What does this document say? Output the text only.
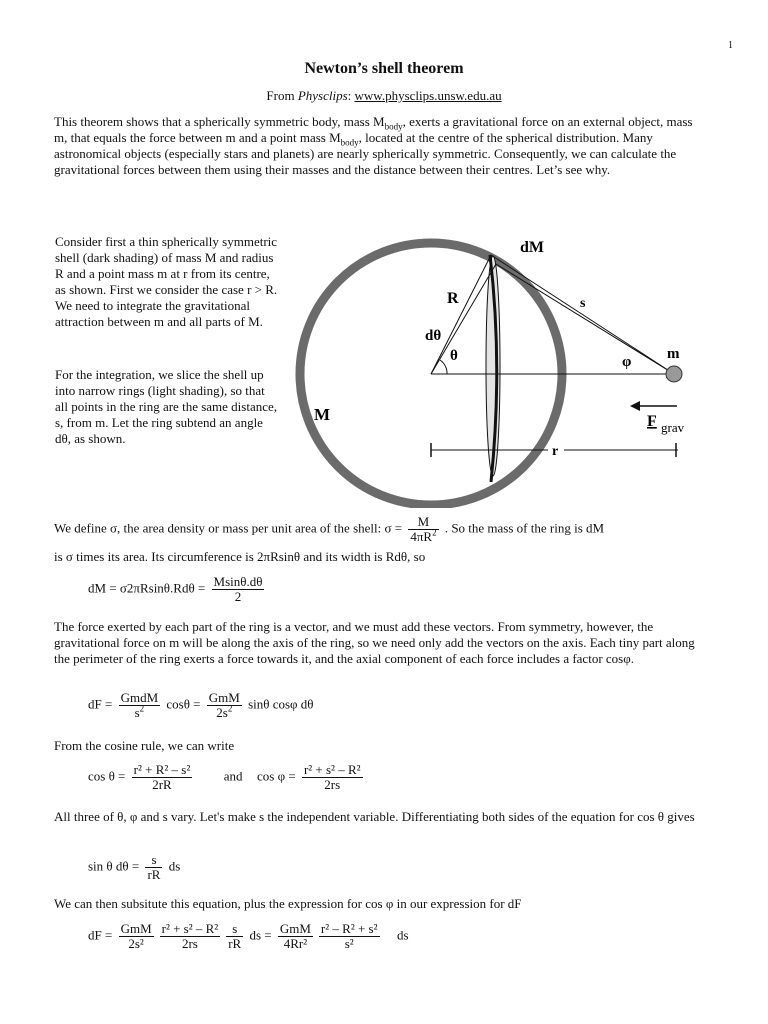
1
Newton’s shell theorem
From Physclips: www.physclips.unsw.edu.au
This theorem shows that a spherically symmetric body, mass $M_{body}$, exerts a gravitational force on an external object, mass m, that equals the force between m and a point mass $M_{body}$, located at the centre of the spherical distribution. Many astronomical objects (especially stars and planets) are nearly spherically symmetric. Consequently, we can calculate the gravitational forces between them using their masses and the distance between their centres. Let’s see why.
Consider first a thin spherically symmetric shell (dark shading) of mass M and radius R and a point mass m at r from its centre, as shown. First we consider the case r > R. We need to integrate the gravitational attraction between m and all parts of M.
For the integration, we slice the shell up into narrow rings (light shading), so that all points in the ring are the same distance, s, from m. Let the ring subtend an angle dθ, as shown.
dM
R	s
dθ
θ	φ m
M	F grav
r
We define σ, the area density or mass per unit area of the shell: $\sigma = \frac{M}{4\pi R^2}$ . So the mass of the ring is dM
is σ times its area. Its circumference is 2πRsinθ and its width is Rdθ, so
dM = $\sigma 2\pi Rsin\theta.Rd\theta = \frac{Msin\theta.d\theta}{2}$
The force exerted by each part of the ring is a vector, and we must add these vectors. From symmetry, however, the gravitational force on m will be along the axis of the ring, so we need only add the vectors on the axis. Each tiny part along the perimeter of the ring exerts a force towards it, and the axial component of each force includes a factor cosφ.
dF = $\frac{\text{GmdM}}{s^2}$ $\cos\theta = \frac{\text{GmM}}{2s^2}$ sinθ cosφ dθ
From the cosine rule, we can write
$\cos \theta = \frac{\text{r² + R² – s²}}{2rR}$ and $\cos \varphi = \frac{\text{r² + s² – R²}}{2rs}$
All three of θ, φ and s vary. Let's make s the independent variable. Differentiating both sides of the equation for cos θ gives
sin θ $d\theta = \frac{s}{rR}$ ds
We can then subsitute this equation, plus the expression for cos φ in our expression for dF
dF = $\frac{\text{GmM}}{\text{2s²}} \frac{\text{r² + s² – R²}}{2rs} \frac{s}{rR}$ ds = $\frac{\text{GmM}}{\text{4Rr²}} \frac{\text{r² – R² + s²}}{\text{s²}}$ ds
